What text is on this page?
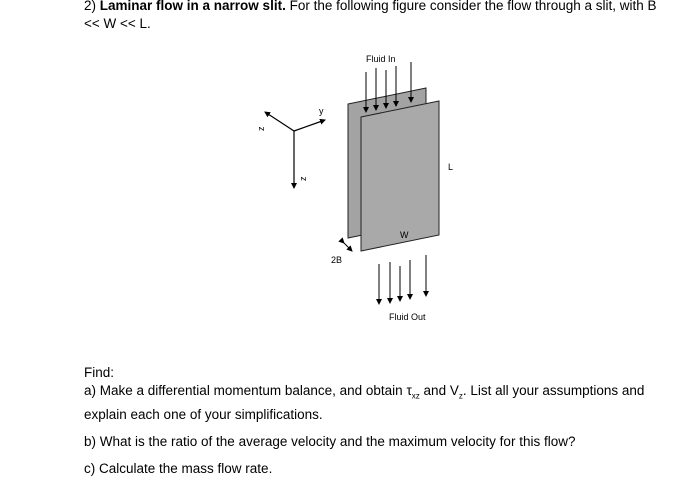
2) Laminar flow in a narrow slit. For the following figure consider the flow through a slit, with B
<< W << L.
y
z
z
Fluid In
Fluid Out
L
W
2B

Find:

a) Make a differential momentum balance, and obtain $\tau_{xz}$ and $V_z$. List all your assumptions and
explain each one of your simplifications.

b) What is the ratio of the average velocity and the maximum velocity for this flow?

c) Calculate the mass flow rate.
